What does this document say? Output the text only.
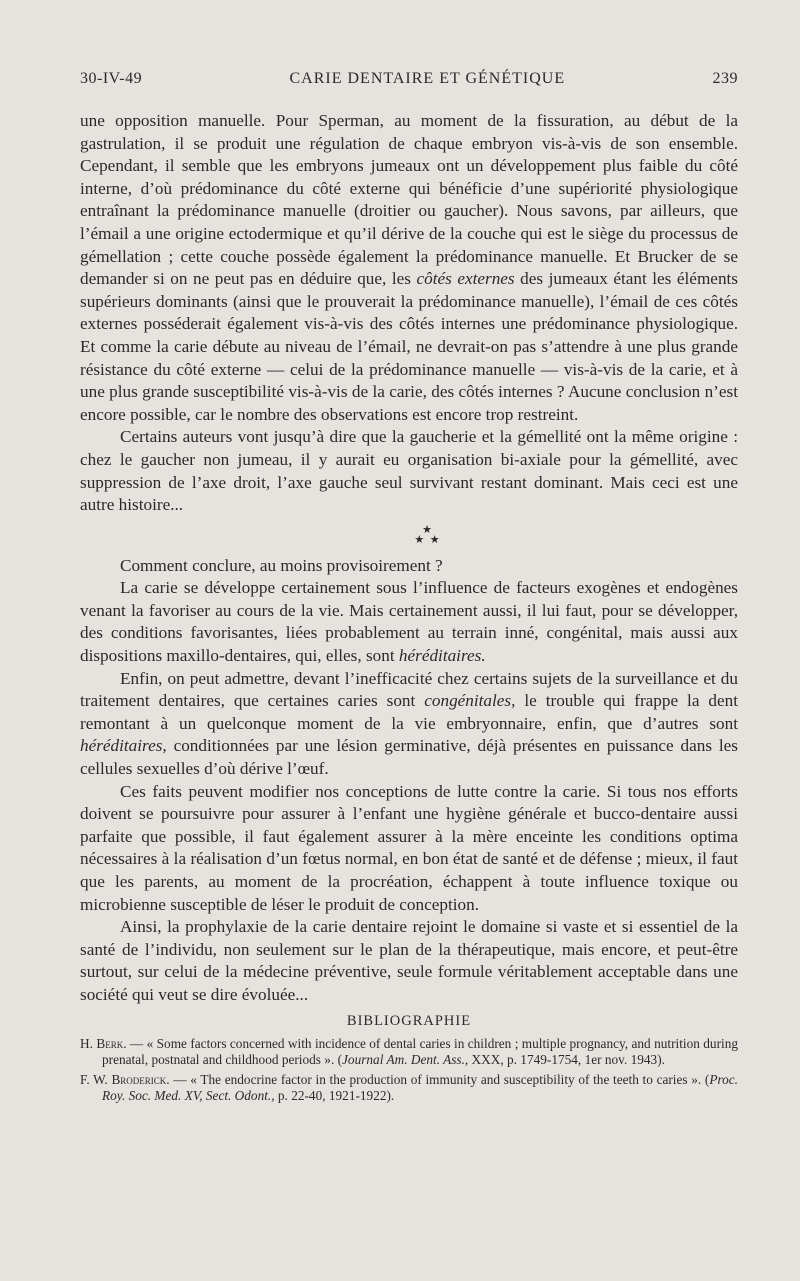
30-IV-49	CARIE DENTAIRE ET GÉNÉTIQUE	239

une opposition manuelle. Pour Sperman, au moment de la fissuration, au début de la gastrulation, il se produit une régulation de chaque embryon vis-à-vis de son ensemble. Cependant, il semble que les embryons jumeaux ont un développement plus faible du côté interne, d’où prédominance du côté externe qui bénéficie d’une supériorité physiologique entraînant la prédominance manuelle (droitier ou gaucher). Nous savons, par ailleurs, que l’émail a une origine ectodermique et qu’il dérive de la couche qui est le siège du processus de gémellation ; cette couche possède également la prédominance manuelle. Et Brucker de se demander si on ne peut pas en déduire que, les côtés externes des jumeaux étant les éléments supérieurs dominants (ainsi que le prouverait la prédominance manuelle), l’émail de ces côtés externes posséderait également vis-à-vis des côtés internes une prédominance physiologique. Et comme la carie débute au niveau de l’émail, ne devrait-on pas s’attendre à une plus grande résistance du côté externe — celui de la prédominance manuelle — vis-à-vis de la carie, et à une plus grande susceptibilité vis-à-vis de la carie, des côtés internes ? Aucune conclusion n’est encore possible, car le nombre des observations est encore trop restreint.

Certains auteurs vont jusqu’à dire que la gaucherie et la gémellité ont la même origine : chez le gaucher non jumeau, il y aurait eu organisation bi-axiale pour la gémellité, avec suppression de l’axe droit, l’axe gauche seul survivant restant dominant. Mais ceci est une autre histoire...

★
★  ★

Comment conclure, au moins provisoirement ?

La carie se développe certainement sous l’influence de facteurs exogènes et endogènes venant la favoriser au cours de la vie. Mais certainement aussi, il lui faut, pour se développer, des conditions favorisantes, liées probablement au terrain inné, congénital, mais aussi aux dispositions maxillo-dentaires, qui, elles, sont héréditaires.

Enfin, on peut admettre, devant l’inefficacité chez certains sujets de la surveillance et du traitement dentaires, que certaines caries sont congénitales, le trouble qui frappe la dent remontant à un quelconque moment de la vie embryonnaire, enfin, que d’autres sont héréditaires, conditionnées par une lésion germinative, déjà présentes en puissance dans les cellules sexuelles d’où dérive l’œuf.

Ces faits peuvent modifier nos conceptions de lutte contre la carie. Si tous nos efforts doivent se poursuivre pour assurer à l’enfant une hygiène générale et bucco-dentaire aussi parfaite que possible, il faut également assurer à la mère enceinte les conditions optima nécessaires à la réalisation d’un fœtus normal, en bon état de santé et de défense ; mieux, il faut que les parents, au moment de la procréation, échappent à toute influence toxique ou microbienne susceptible de léser le produit de conception.

Ainsi, la prophylaxie de la carie dentaire rejoint le domaine si vaste et si essentiel de la santé de l’individu, non seulement sur le plan de la thérapeutique, mais encore, et peut-être surtout, sur celui de la médecine préventive, seule formule véritablement acceptable dans une société qui veut se dire évoluée...

BIBLIOGRAPHIE

H. Berk. — « Some factors concerned with incidence of dental caries in children ; multiple prognancy, and nutrition during prenatal, postnatal and childhood periods ». (Journal Am. Dent. Ass., XXX, p. 1749-1754, 1er nov. 1943).

F. W. Broderick. — « The endocrine factor in the production of immunity and susceptibility of the teeth to caries ». (Proc. Roy. Soc. Med. XV, Sect. Odont., p. 22-40, 1921-1922).
